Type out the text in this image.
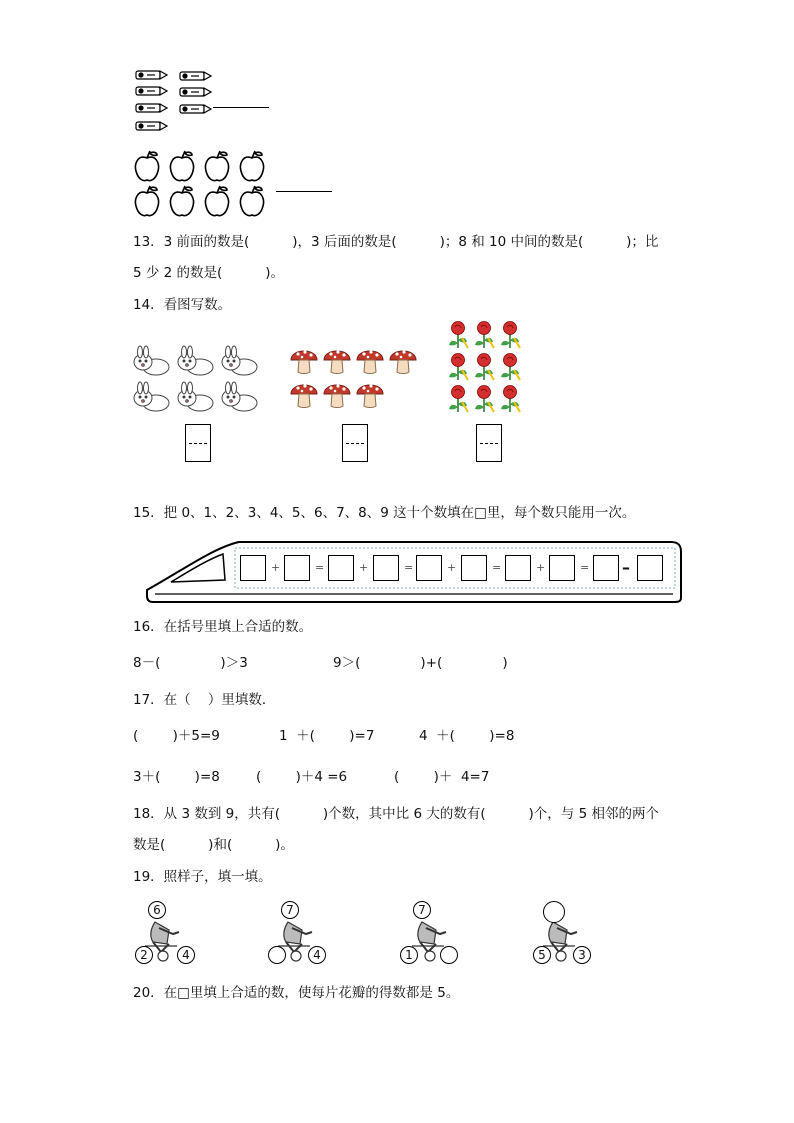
13．3 前面的数是(          )，3 后面的数是(          )；8 和 10 中间的数是(          )；比
5 少 2 的数是(          )。
14．看图写数。
15．把 0、1、2、3、4、5、6、7、8、9 这十个数填在□里，每个数只能用一次。
+	=	+	=	+	=	+	= –
16．在括号里填上合适的数。
8－(              )＞3	9＞(              )+(              )
17．在（    ）里填数．
(        )＋5=9	1  ＋(        )=7	4  ＋(        )=8
3＋(        )=8	(        )＋4 =6	(        )＋  4=7
18．从 3 数到 9，共有(          )个数，其中比 6 大的数有(          )个，与 5 相邻的两个
数是(          )和(          )。
19．照样子，填一填。
6
2	4
7
4
7
1	5	3
20．在□里填上合适的数，使每片花瓣的得数都是 5。
